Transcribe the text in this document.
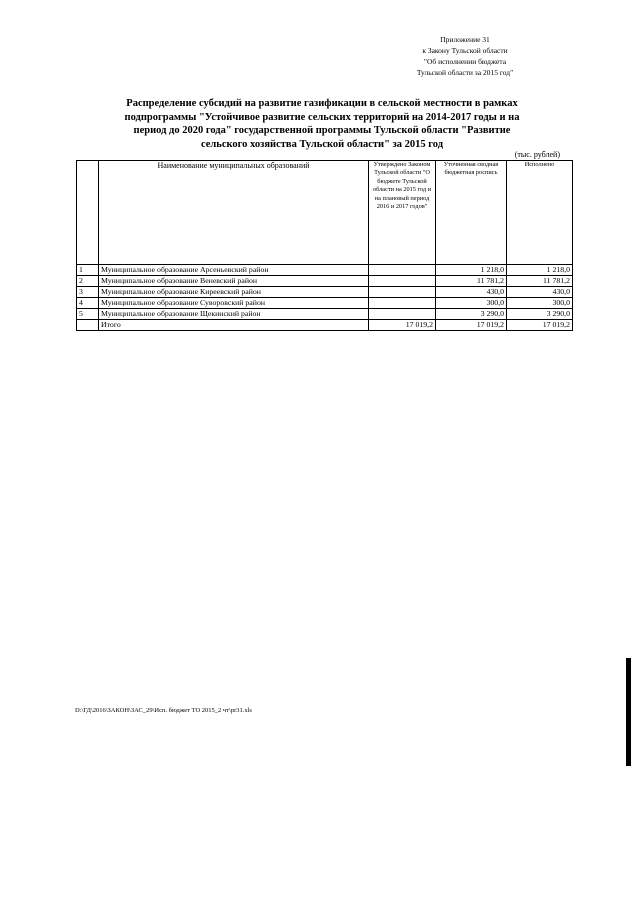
Приложение 31
к Закону Тульской области
"Об исполнении бюджета
Тульской области за 2015 год"
Распределение субсидий на развитие газификации в сельской местности в рамках
подпрограммы "Устойчивое развитие сельских территорий на 2014-2017 годы и на
период до 2020 года" государственной программы Тульской области "Развитие
сельского хозяйства Тульской области" за 2015 год
(тыс. рублей)
	Наименование муниципальных образований	Утверждено Законом Тульской области "О бюджете Тульской области на 2015 год и на плановый период 2016 и 2017 годов"	Уточненная сводная бюджетная роспись	Исполнено
1	Муниципальное образование Арсеньевский район		1 218,0	1 218,0
2	Муниципальное образование Веневский район		11 781,2	11 781,2
3	Муниципальное образование Киреевский район		430,0	430,0
4	Муниципальное образование Суворовский район		300,0	300,0
5	Муниципальное образование Щекинский район		3 290,0	3 290,0
	Итого	17 019,2	17 019,2	17 019,2
D:\ГД\2016\ЗАКОН\ЗАС_29\Исп. бюджет ТО 2015_2 чт\pr31.xls
